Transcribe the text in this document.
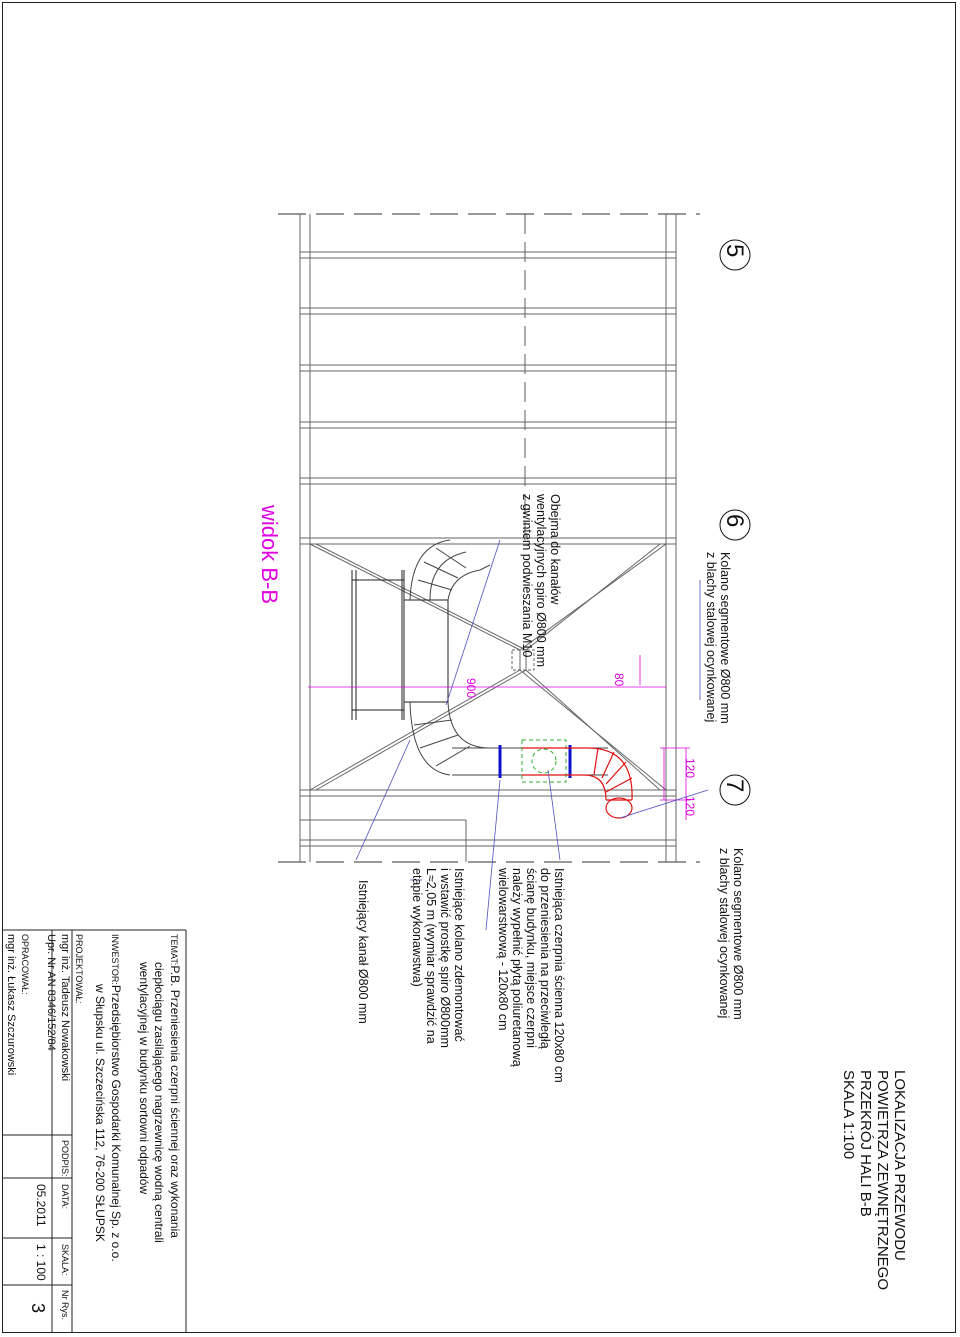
5
6
7
widok B-B
900	80
120
120
Kolano segmentowe Ø800 mm
z blachy stalowej ocynkowanej
Obejma do kanałów
wentylacyjnych spiro Ø800 mm
z gwintem podwieszania M10
Kolano segmentowe Ø800 mm
z blachy stalowej ocynkowanej
Istniejąca czerpnia ścienna 120x80 cm
do przeniesienia na przeciwległą
ścianę budynku, miejsce czerpni
należy wypełnić płytą poliuretanową
wielowarstwową - 120x80 cm
Istniejące kolano zdemontować
i wstawić prostkę spiro Ø800mm
L≈2,05 m (wymiar sprawdzić na
etapie wykonawstwa)
Istniejący kanał Ø800 mm
LOKALIZACJA PRZEWODU
POWIETRZA ZEWNĘTRZNEGO
PRZEKRÓJ HALI B-B
SKALA 1:100
TEMAT:P.B. Przeniesienia czerpni ściennej oraz wykonania
ciepłociągu zasilającego nagrzewnicę wodną centrali
wentylacyjnej w budynku sortowni odpadów
INWESTOR:Przedsiębiorstwo Gospodarki Komunalnej Sp. z o.o.
w Słupsku ul. Szczecińska 112, 76-200 SŁUPSK
PROJEKTOWAŁ:
mgr inż. Tadeusz Nowakowski
Upr. Nr AN 8346/152/84
OPRACOWAŁ:
mgr inż. Łukasz Szczurowski
PODPIS:
DATA:
SKALA:
Nr Rys.
05.2011
1 : 100
3
